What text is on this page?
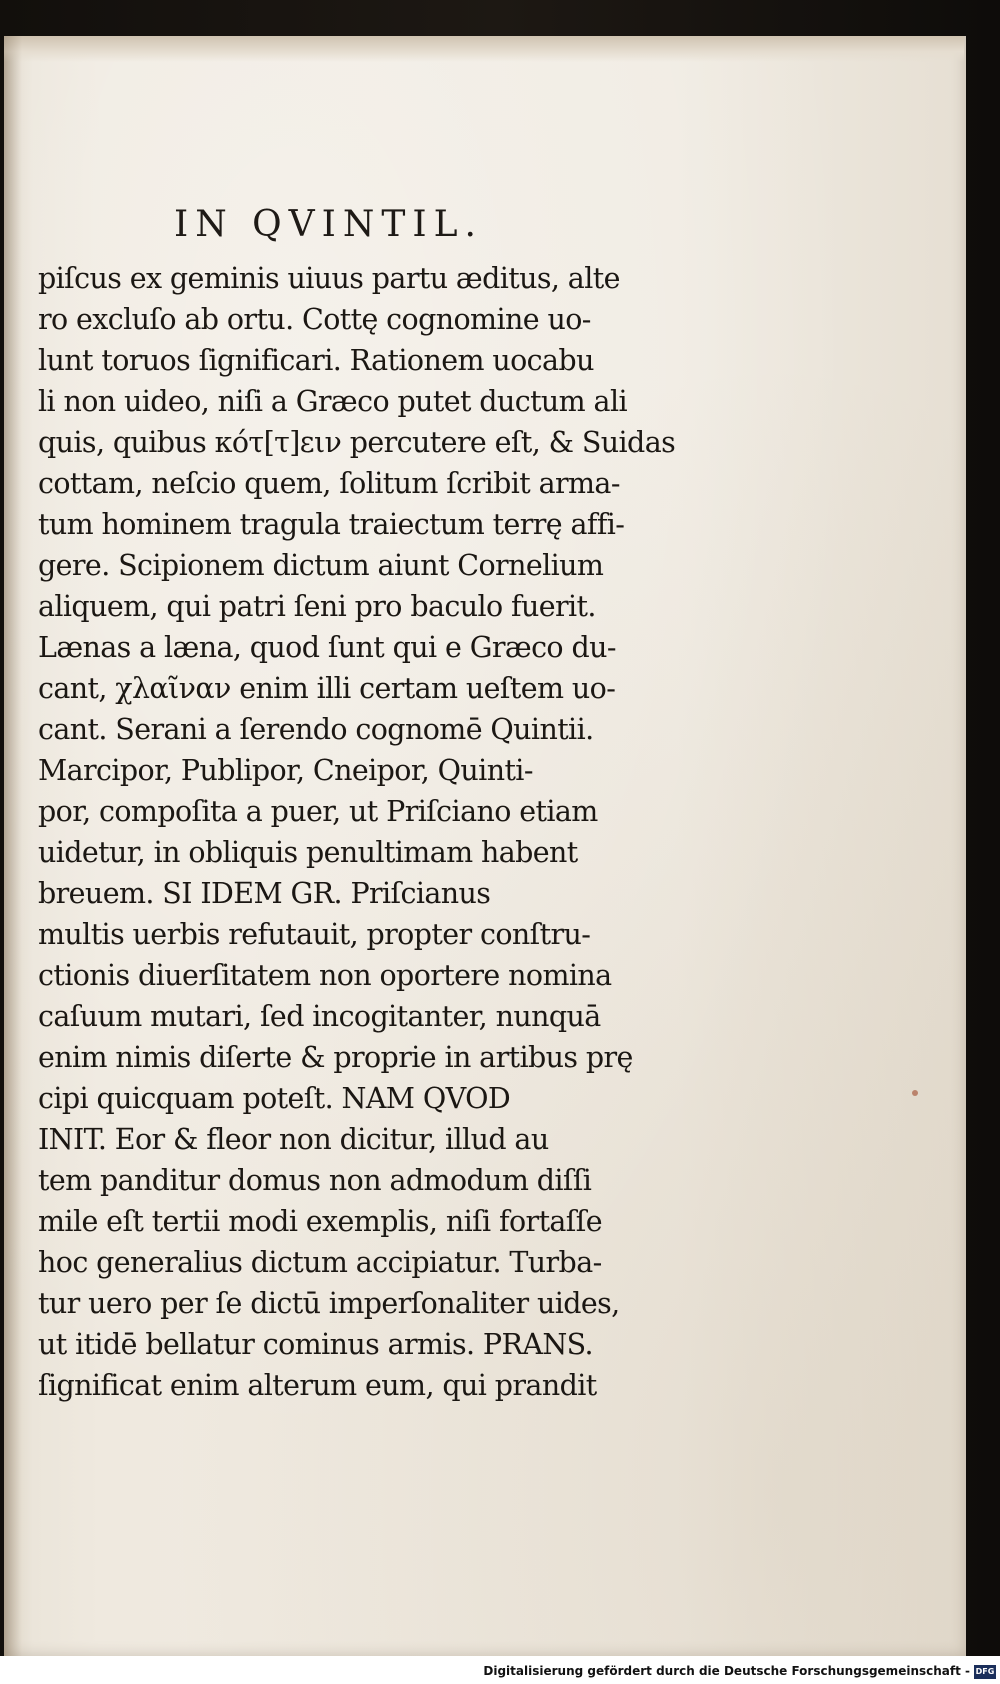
IN QVINTIL.
piſcus ex geminis uiuus partu æditus, alte
ro excluſo ab ortu. Cottę cognomine uo-
lunt toruos ſignificari. Rationem uocabu
li non uideo, niſi a Græco putet ductum ali
quis, quibus κότ[τ]ειν percutere eſt, & Suidas
cottam, neſcio quem, ſolitum ſcribit arma-
tum hominem tragula traiectum terrę affi-
gere. Scipionem dictum aiunt Cornelium
aliquem, qui patri ſeni pro baculo fuerit.
Lænas a læna, quod ſunt qui e Græco du-
cant, χλαῖναν enim illi certam ueſtem uo-
cant. Serani a ſerendo cognomē Quintii.
Marcipor, Publipor, Cneipor, Quinti-
por, compoſita a puer, ut Priſciano etiam
uidetur, in obliquis penultimam habent
breuem. SI IDEM GR. Priſcianus
multis uerbis refutauit, propter conſtru-
ctionis diuerſitatem non oportere nomina
caſuum mutari, ſed incogitanter, nunquā
enim nimis diſerte & proprie in artibus prę
cipi quicquam poteſt. NAM QVOD
INIT. Eor & fleor non dicitur, illud au
tem panditur domus non admodum diſſi
mile eſt tertii modi exemplis, niſi fortaſſe
hoc generalius dictum accipiatur. Turba-
tur uero per ſe dictū imperſonaliter uides,
ut itidē bellatur cominus armis. PRANS.
ſignificat enim alterum eum, qui prandit
Digitalisierung gefördert durch die Deutsche Forschungsgemeinschaft - DFG
